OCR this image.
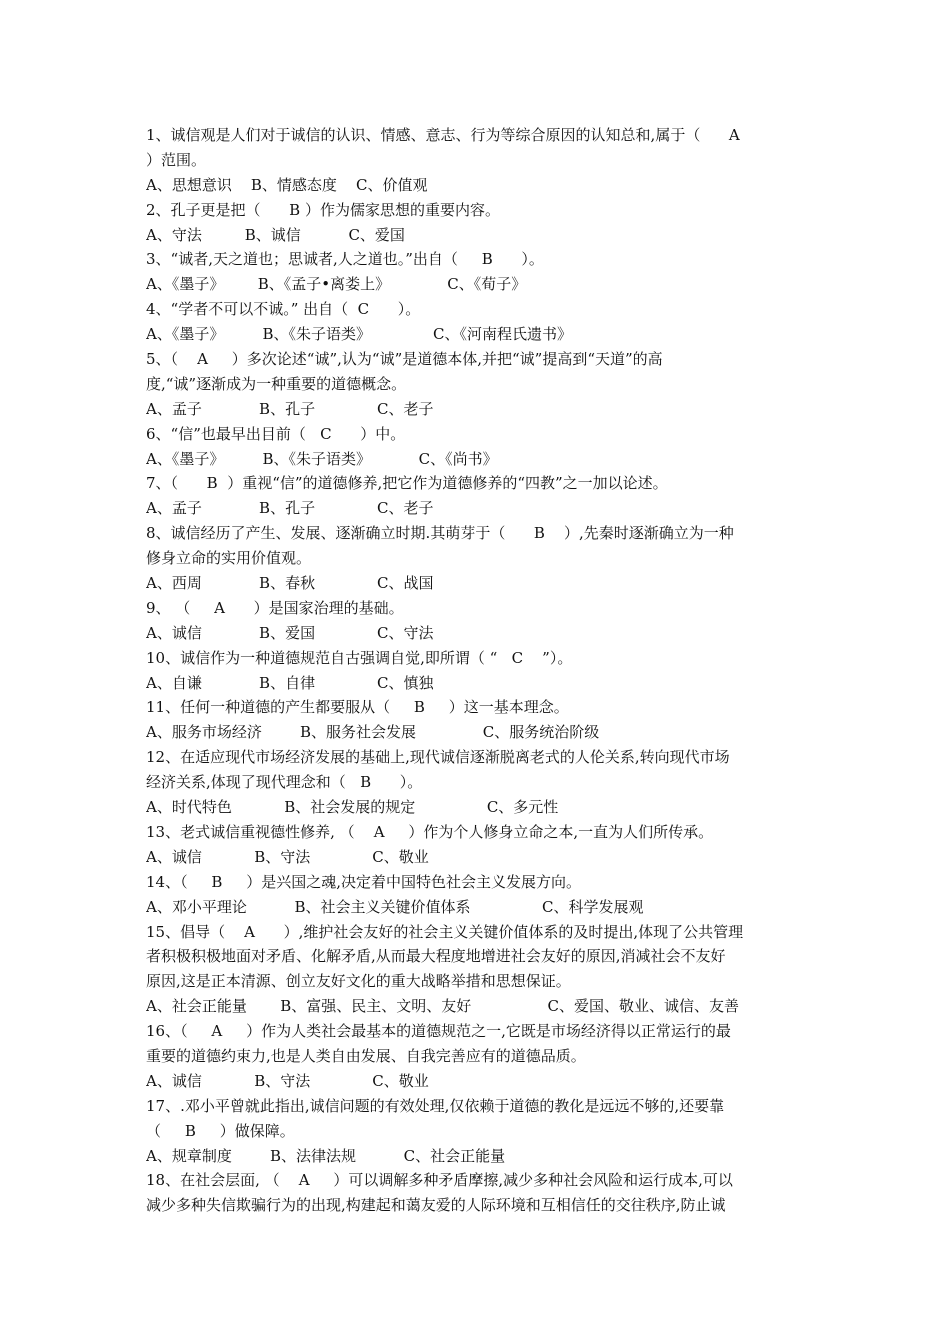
1、诚信观是人们对于诚信的认识、情感、意志、行为等综合原因的认知总和,属于（      A
）范围。
A、思想意识    B、情感态度    C、价值观
2、孔子更是把（      B ）作为儒家思想的重要内容。
A、守法         B、诚信          C、爱国
3、“诚者,天之道也；思诚者,人之道也。”出自（     B      ）。
A、《墨子》       B、《孟子•离娄上》            C、《荀子》
4、“学者不可以不诚。” 出自（  C      ）。
A、《墨子》        B、《朱子语类》             C、《河南程氏遗书》
5、（    A     ）多次论述“诚”,认为“诚”是道德本体,并把“诚”提高到“天道”的高
度,“诚”逐渐成为一种重要的道德概念。
A、孟子            B、孔子             C、老子
6、“信”也最早出目前（   C      ）中。
A、《墨子》        B、《朱子语类》          C、《尚书》
7、（      B  ）重视“信”的道德修养,把它作为道德修养的“四教”之一加以论述。
A、孟子            B、孔子             C、老子
8、诚信经历了产生、发展、逐渐确立时期.其萌芽于（      B    ）,先秦时逐渐确立为一种
修身立命的实用价值观。
A、西周            B、春秋             C、战国
9、 （     A      ）是国家治理的基础。
A、诚信            B、爱国             C、守法
10、诚信作为一种道德规范自古强调自觉,即所谓（ “   C    ”）。
A、自谦            B、自律             C、慎独
11、任何一种道德的产生都要服从（     B     ）这一基本理念。
A、服务市场经济        B、服务社会发展              C、服务统治阶级
12、在适应现代市场经济发展的基础上,现代诚信逐渐脱离老式的人伦关系,转向现代市场
经济关系,体现了现代理念和（   B      ）。
A、时代特色           B、社会发展的规定               C、多元性
13、老式诚信重视德性修养, （    A     ）作为个人修身立命之本,一直为人们所传承。
A、诚信           B、守法             C、敬业
14、（     B     ）是兴国之魂,决定着中国特色社会主义发展方向。
A、邓小平理论          B、社会主义关键价值体系               C、科学发展观
15、倡导（    A      ）,维护社会友好的社会主义关键价值体系的及时提出,体现了公共管理
者积极积极地面对矛盾、化解矛盾,从而最大程度地增进社会友好的原因,消减社会不友好
原因,这是正本清源、创立友好文化的重大战略举措和思想保证。
A、社会正能量       B、富强、民主、文明、友好                C、爱国、敬业、诚信、友善
16、（     A     ）作为人类社会最基本的道德规范之一,它既是市场经济得以正常运行的最
重要的道德约束力,也是人类自由发展、自我完善应有的道德品质。
A、诚信           B、守法             C、敬业
17、.邓小平曾就此指出,诚信问题的有效处理,仅依赖于道德的教化是远远不够的,还要靠
（     B     ）做保障。
A、规章制度        B、法律法规          C、社会正能量
18、在社会层面, （    A     ）可以调解多种矛盾摩擦,减少多种社会风险和运行成本,可以
减少多种失信欺骗行为的出现,构建起和蔼友爱的人际环境和互相信任的交往秩序,防止诚
